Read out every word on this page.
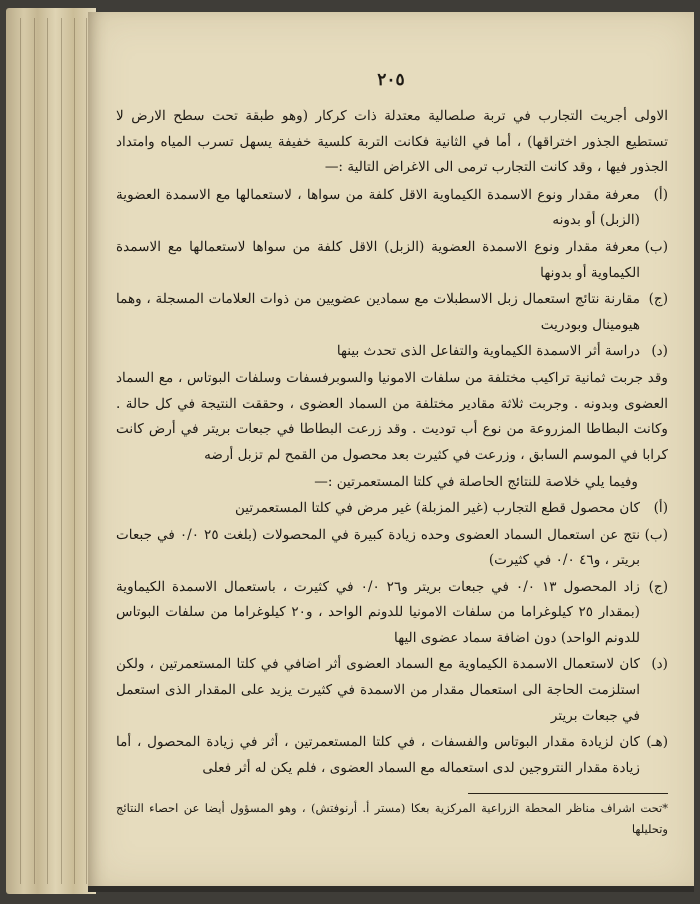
٢٠٥

الاولى أجريت التجارب في تربة صلصالية معتدلة ذات كركار (وهو طبقة تحت سطح الارض لا تستطيع الجذور اختراقها) ، أما في الثانية فكانت التربة كلسية خفيفة يسهل تسرب المياه وامتداد الجذور فيها ، وقد كانت التجارب ترمى الى الاغراض التالية :—

(أ)
معرفة مقدار ونوع الاسمدة الكيماوية الاقل كلفة من سواها ، لاستعمالها مع الاسمدة العضوية (الزبل) أو بدونه
(ب)
معرفة مقدار ونوع الاسمدة العضوية (الزبل) الاقل كلفة من سواها لاستعمالها مع الاسمدة الكيماوية أو بدونها
(ج)
مقارنة نتائج استعمال زبل الاسطبلات مع سمادين عضويين من ذوات العلامات المسجلة ، وهما هيومينال وبودريت
(د)
دراسة أثر الاسمدة الكيماوية والتفاعل الذى تحدث بينها

وقد جربت ثمانية تراكيب مختلفة من سلفات الامونيا والسوبرفسفات وسلفات البوتاس ، مع السماد العضوى وبدونه . وجربت ثلاثة مقادير مختلفة من السماد العضوى ، وحققت النتيجة في كل حالة . وكانت البطاطا المزروعة من نوع أب توديت . وقد زرعت البطاطا في جبعات بريتر في أرض كانت كرابا في الموسم السابق ، وزرعت في كثيرت بعد محصول من القمح لم تزبل أرضه

وفيما يلي خلاصة للنتائج الحاصلة في كلتا المستعمرتين :—

(أ)
كان محصول قطع التجارب (غير المزبلة) غير مرض في كلتا المستعمرتين
(ب)
نتج عن استعمال السماد العضوى وحده زيادة كبيرة في المحصولات (بلغت ٢٥ ٠/٠ في جبعات بريتر ، و٤٦ ٠/٠ في كثيرت)
(ج)
زاد المحصول ١٣ ٠/٠ في جبعات بريتر و٢٦ ٠/٠ في كثيرت ، باستعمال الاسمدة الكيماوية (بمقدار ٢٥ كيلوغراما من سلفات الامونيا للدونم الواحد ، و٢٠ كيلوغراما من سلفات البوتاس للدونم الواحد) دون اضافة سماد عضوى اليها
(د)
كان لاستعمال الاسمدة الكيماوية مع السماد العضوى أثر اضافي في كلتا المستعمرتين ، ولكن استلزمت الحاجة الى استعمال مقدار من الاسمدة في كثيرت يزيد على المقدار الذى استعمل في جبعات بريتر
(هـ)
كان لزيادة مقدار البوتاس والفسفات ، في كلتا المستعمرتين ، أثر في زيادة المحصول ، أما زيادة مقدار النتروجين لدى استعماله مع السماد العضوى ، فلم يكن له أثر فعلى
*تحت اشراف مناظر المحطة الزراعية المركزية بعكا (مستر أ. أرنوفتش) ، وهو المسؤول أيضا عن احصاء النتائج وتحليلها
